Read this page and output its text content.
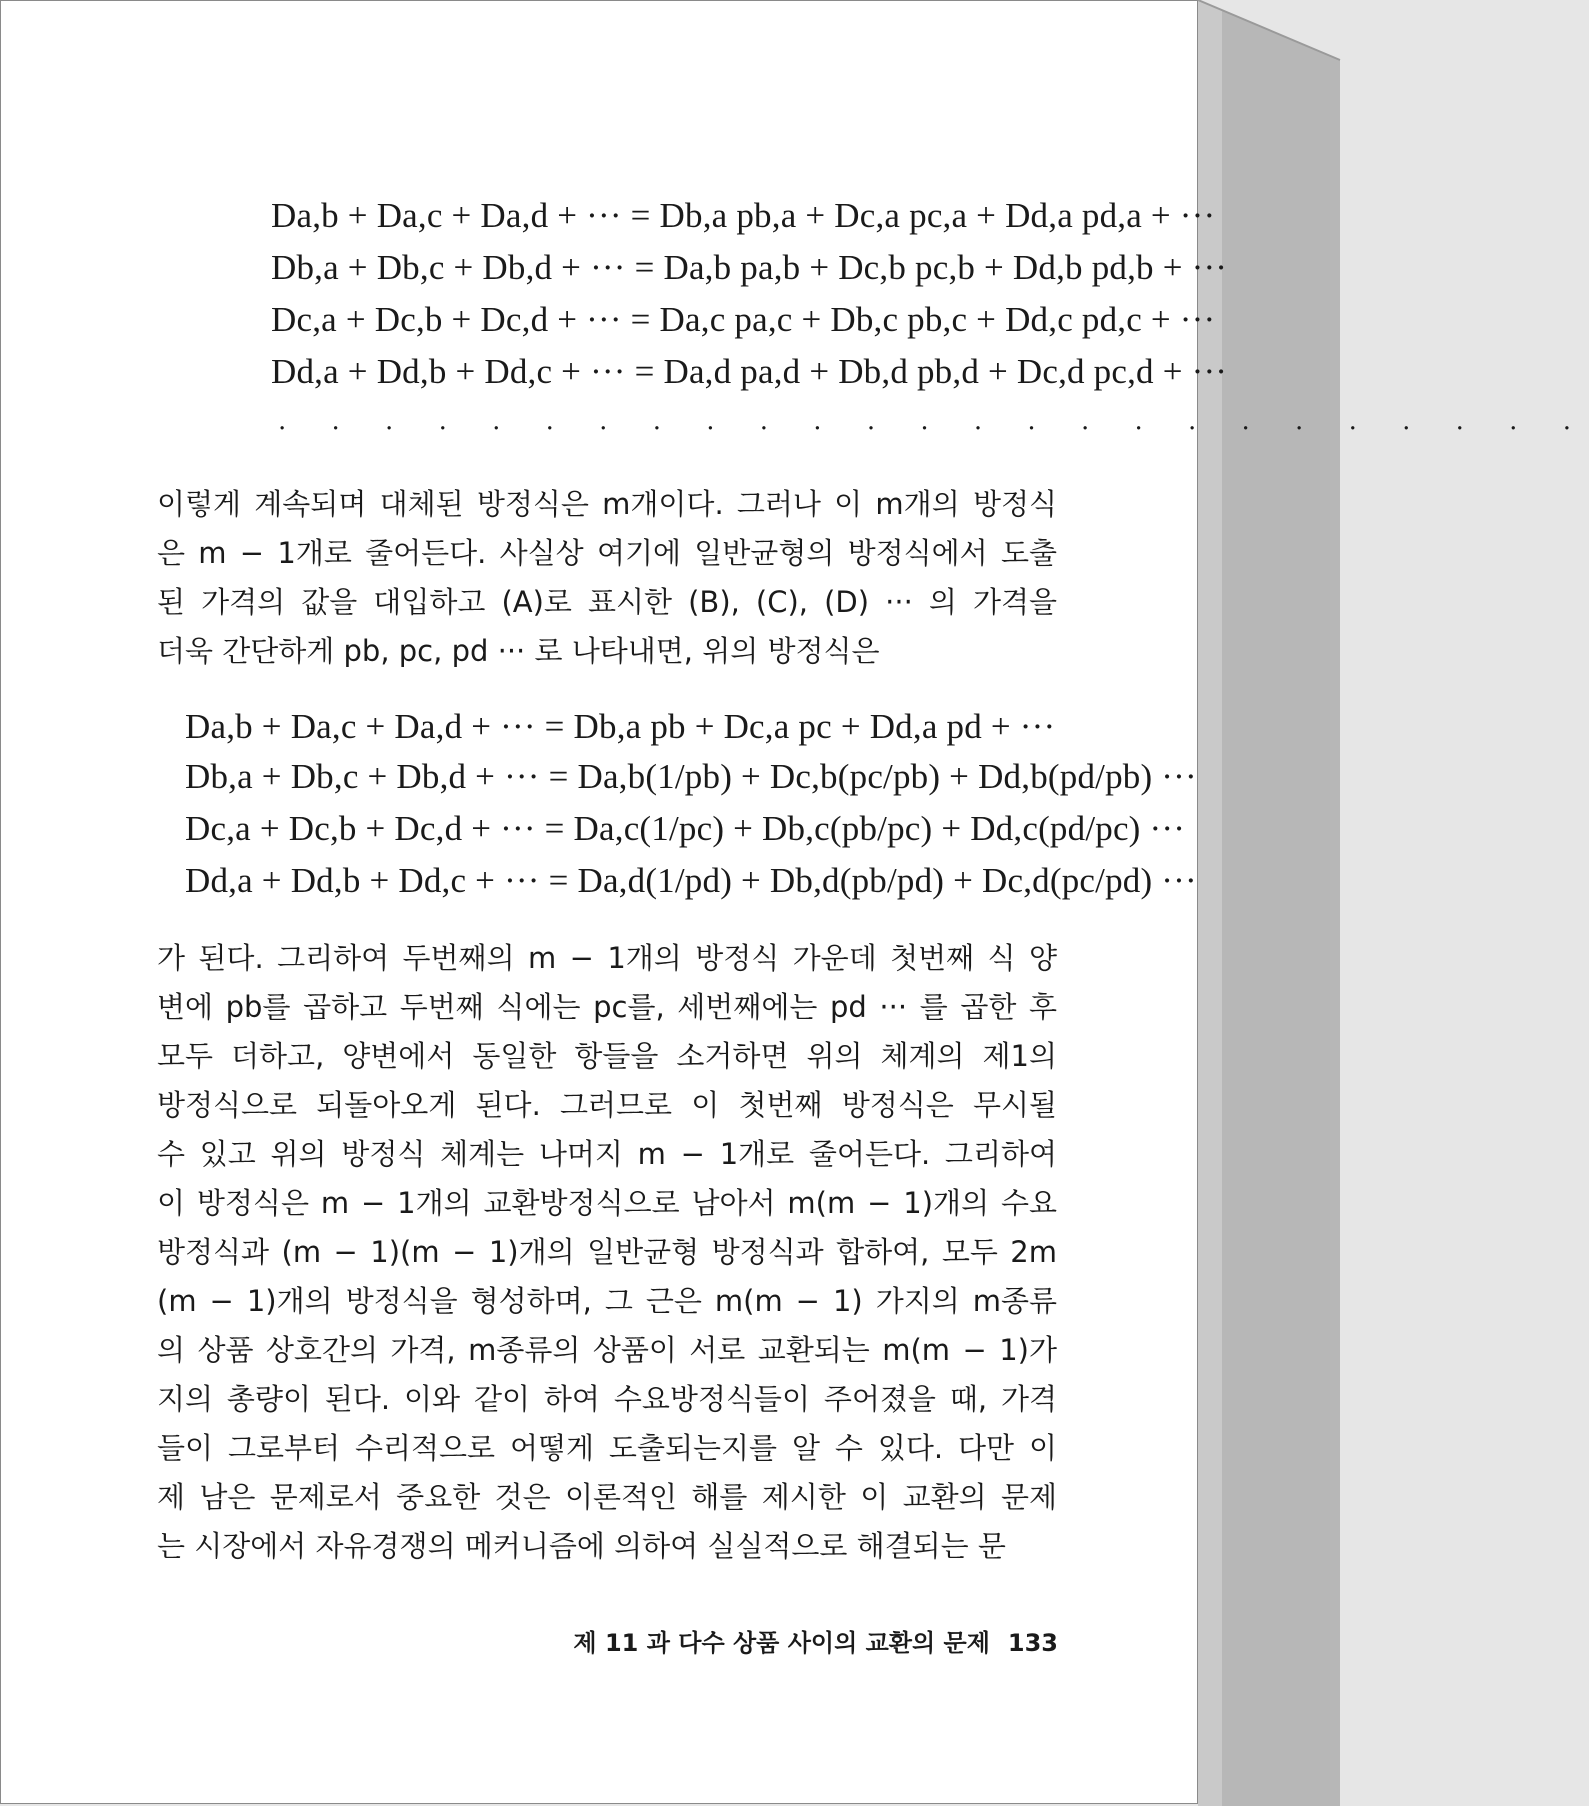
Da,b + Da,c + Da,d + ··· = Db,a pb,a + Dc,a pc,a + Dd,a pd,a + ···
Db,a + Db,c + Db,d + ··· = Da,b pa,b + Dc,b pc,b + Dd,b pd,b + ···
Dc,a + Dc,b + Dc,d + ··· = Da,c pa,c + Db,c pb,c + Dd,c pd,c + ···
Dd,a + Dd,b + Dd,c + ··· = Da,d pa,d + Db,d pb,d + Dc,d pc,d + ···
. . . . . . . . . . . . . . . . . . . . . . . . .
이렇게 계속되며 대체된 방정식은 m개이다. 그러나 이 m개의 방정식
은 m − 1개로 줄어든다. 사실상 여기에 일반균형의 방정식에서 도출
된 가격의 값을 대입하고 (A)로 표시한 (B), (C), (D) ··· 의 가격을
더욱 간단하게 pb, pc, pd ··· 로 나타내면, 위의 방정식은
Da,b + Da,c + Da,d + ··· = Db,a pb + Dc,a pc + Dd,a pd + ···
Db,a + Db,c + Db,d + ··· = Da,b(1/pb) + Dc,b(pc/pb) + Dd,b(pd/pb) ···
Dc,a + Dc,b + Dc,d + ··· = Da,c(1/pc) + Db,c(pb/pc) + Dd,c(pd/pc) ···
Dd,a + Dd,b + Dd,c + ··· = Da,d(1/pd) + Db,d(pb/pd) + Dc,d(pc/pd) ···
가 된다. 그리하여 두번째의 m − 1개의 방정식 가운데 첫번째 식 양
변에 pb를 곱하고 두번째 식에는 pc를, 세번째에는 pd ··· 를 곱한 후
모두 더하고, 양변에서 동일한 항들을 소거하면 위의 체계의 제1의
방정식으로 되돌아오게 된다. 그러므로 이 첫번째 방정식은 무시될
수 있고 위의 방정식 체계는 나머지 m − 1개로 줄어든다. 그리하여
이 방정식은 m − 1개의 교환방정식으로 남아서 m(m − 1)개의 수요
방정식과 (m − 1)(m − 1)개의 일반균형 방정식과 합하여, 모두 2m
(m − 1)개의 방정식을 형성하며, 그 근은 m(m − 1) 가지의 m종류
의 상품 상호간의 가격, m종류의 상품이 서로 교환되는 m(m − 1)가
지의 총량이 된다. 이와 같이 하여 수요방정식들이 주어졌을 때, 가격
들이 그로부터 수리적으로 어떻게 도출되는지를 알 수 있다. 다만 이
제 남은 문제로서 중요한 것은 이론적인 해를 제시한 이 교환의 문제
는 시장에서 자유경쟁의 메커니즘에 의하여 실실적으로 해결되는 문
제 11 과 다수 상품 사이의 교환의 문제 133
